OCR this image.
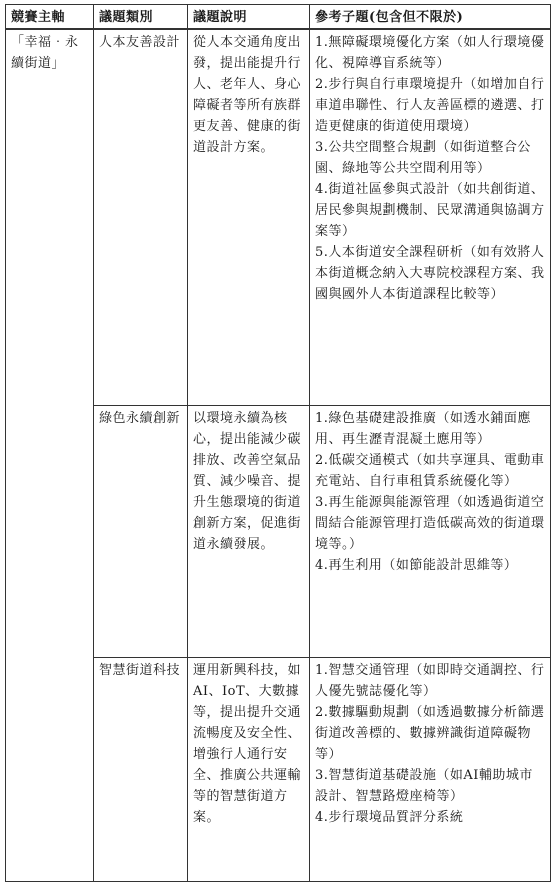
競賽主軸	議題類別	議題說明	參考子題(包含但不限於)
「幸福‧永續街道」	人本友善設計	從人本交通角度出發，提出能提升行人、老年人、身心障礙者等所有族群更友善、健康的街道設計方案。	1.無障礙環境優化方案（如人行環境優化、視障導盲系統等）
2.步行與自行車環境提升（如增加自行車道串聯性、行人友善區標的遴選、打造更健康的街道使用環境）
3.公共空間整合規劃（如街道整合公園、綠地等公共空間利用等）
4.街道社區參與式設計（如共創街道、居民參與規劃機制、民眾溝通與協調方案等）
5.人本街道安全課程研析（如有效將人本街道概念納入大專院校課程方案、我國與國外人本街道課程比較等）

	綠色永續創新	以環境永續為核心，提出能減少碳排放、改善空氣品質、減少噪音、提升生態環境的街道創新方案，促進街道永續發展。	1.綠色基礎建設推廣（如透水鋪面應用、再生瀝青混凝土應用等）
2.低碳交通模式（如共享運具、電動車充電站、自行車租賃系統優化等）
3.再生能源與能源管理（如透過街道空間結合能源管理打造低碳高效的街道環境等。）
4.再生利用（如節能設計思維等）

	智慧街道科技	運用新興科技，如AI、IoT、大數據等，提出提升交通流暢度及安全性、增強行人通行安全、推廣公共運輸等的智慧街道方案。	1.智慧交通管理（如即時交通調控、行人優先號誌優化等）
2.數據驅動規劃（如透過數據分析篩選街道改善標的、數據辨識街道障礙物等）
3.智慧街道基礎設施（如AI輔助城市設計、智慧路燈座椅等）
4.步行環境品質評分系統
